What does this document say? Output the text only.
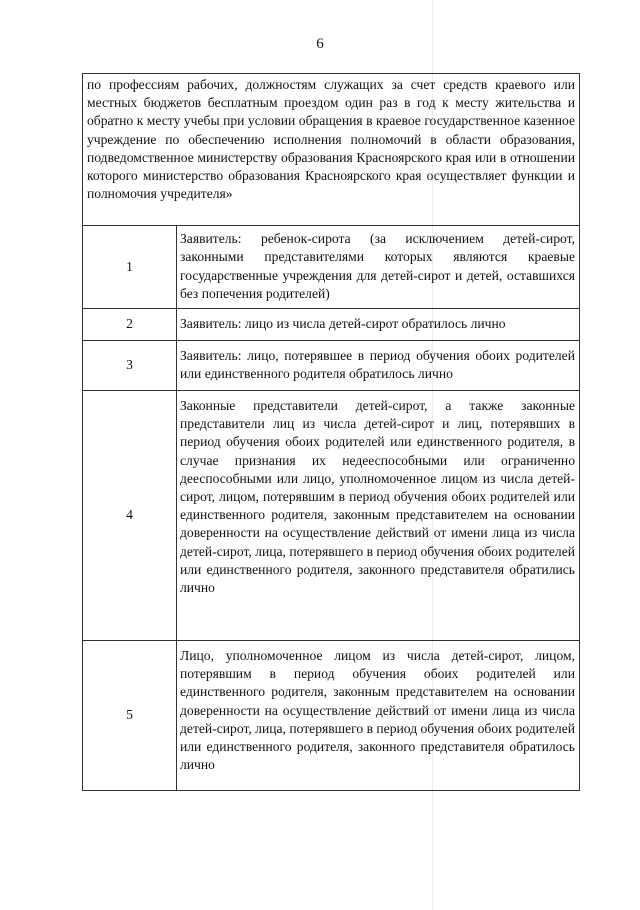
6
по профессиям рабочих, должностям служащих за счет средств краевого или местных бюджетов бесплатным проездом один раз в год к месту жительства и обратно к месту учебы при условии обращения в краевое государственное казенное учреждение по обеспечению исполнения полномочий в области образования, подведомственное министерству образования Красноярского края или в отношении которого министерство образования Красноярского края осуществляет функции и полномочия учредителя»
1	Заявитель: ребенок-сирота (за исключением детей-сирот, законными представителями которых являются краевые государственные учреждения для детей-сирот и детей, оставшихся без попечения родителей)
2	Заявитель: лицо из числа детей-сирот обратилось лично
3	Заявитель: лицо, потерявшее в период обучения обоих родителей или единственного родителя обратилось лично
4	Законные представители детей-сирот, а также законные представители лиц из числа детей-сирот и лиц, потерявших в период обучения обоих родителей или единственного родителя, в случае признания их недееспособными или ограниченно дееспособными или лицо, уполномоченное лицом из числа детей-сирот, лицом, потерявшим в период обучения обоих родителей или единственного родителя, законным представителем на основании доверенности на осуществление действий от имени лица из числа детей-сирот, лица, потерявшего в период обучения обоих родителей или единственного родителя, законного представителя обратились лично
5	Лицо, уполномоченное лицом из числа детей-сирот, лицом, потерявшим в период обучения обоих родителей или единственного родителя, законным представителем на основании доверенности на осуществление действий от имени лица из числа детей-сирот, лица, потерявшего в период обучения обоих родителей или единственного родителя, законного представителя обратилось лично
